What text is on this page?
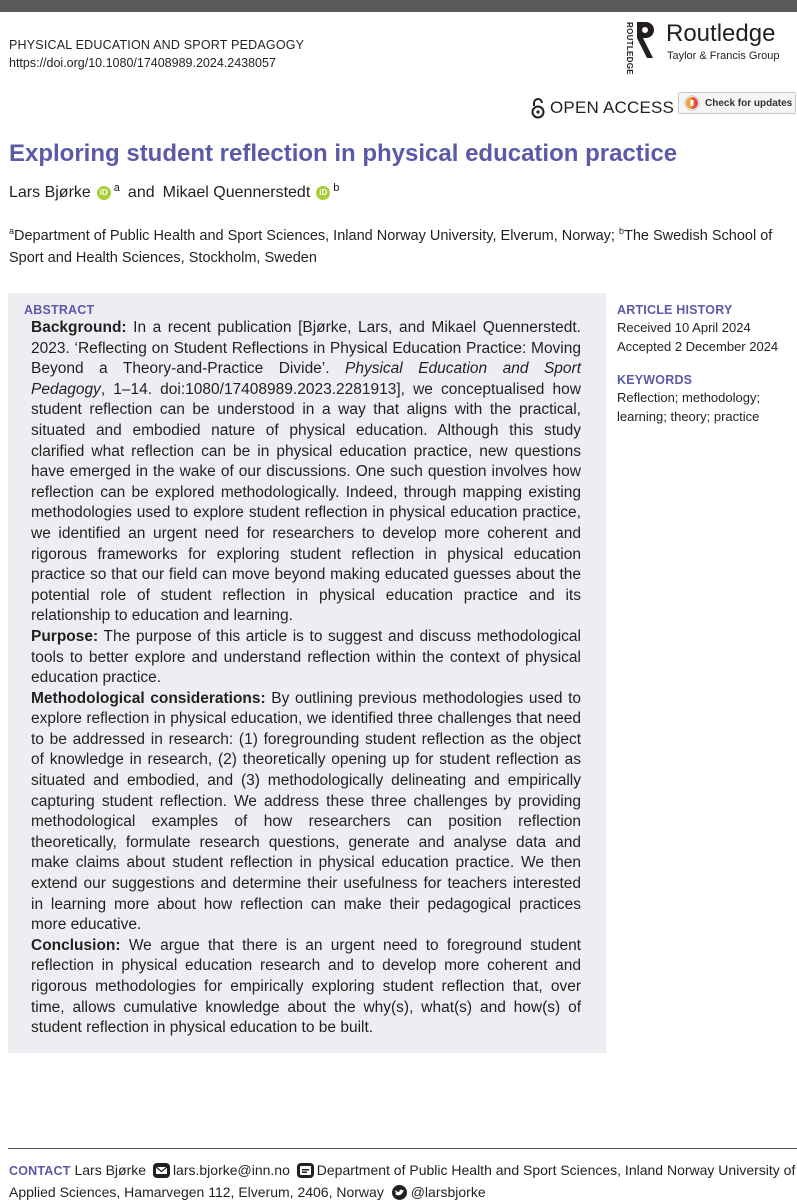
PHYSICAL EDUCATION AND SPORT PEDAGOGY
https://doi.org/10.1080/17408989.2024.2438057	ROUTLEDGE Routledge
Taylor & Francis Group
OPEN ACCESS	Check for updates
Exploring student reflection in physical education practice
Lars Bjørke	iD a and Mikael Quennerstedt	iD b
$^a$Department of Public Health and Sport Sciences, Inland Norway University, Elverum, Norway; $^b$The Swedish School of Sport and Health Sciences, Stockholm, Sweden
ABSTRACT

Background: In a recent publication [Bjørke, Lars, and Mikael Quennerstedt. 2023. ‘Reflecting on Student Reflections in Physical Education Practice: Moving Beyond a Theory-and-Practice Divide’. Physical Education and Sport Pedagogy, 1–14. doi:1080/17408989.2023.2281913], we conceptualised how student reflection can be understood in a way that aligns with the practical, situated and embodied nature of physical education. Although this study clarified what reflection can be in physical education practice, new questions have emerged in the wake of our discussions. One such question involves how reflection can be explored methodologically. Indeed, through mapping existing methodologies used to explore student reflection in physical education practice, we identified an urgent need for researchers to develop more coherent and rigorous frameworks for exploring student reflection in physical education practice so that our field can move beyond making educated guesses about the potential role of student reflection in physical education practice and its relationship to education and learning.

Purpose: The purpose of this article is to suggest and discuss methodological tools to better explore and understand reflection within the context of physical education practice.

Methodological considerations: By outlining previous methodologies used to explore reflection in physical education, we identified three challenges that need to be addressed in research: (1) foregrounding student reflection as the object of knowledge in research, (2) theoretically opening up for student reflection as situated and embodied, and (3) methodologically delineating and empirically capturing student reflection. We address these three challenges by providing methodological examples of how researchers can position reflection theoretically, formulate research questions, generate and analyse data and make claims about student reflection in physical education practice. We then extend our suggestions and determine their usefulness for teachers interested in learning more about how reflection can make their pedagogical practices more educative.

Conclusion: We argue that there is an urgent need to foreground student reflection in physical education research and to develop more coherent and rigorous methodologies for empirically exploring student reflection that, over time, allows cumulative knowledge about the why(s), what(s) and how(s) of student reflection in physical education to be built.

ARTICLE HISTORY
Received 10 April 2024
Accepted 2 December 2024
KEYWORDS
Reflection; methodology; learning; theory; practice
CONTACT Lars Bjørke lars.bjorke@inn.no Department of Public Health and Sport Sciences, Inland Norway University of Applied Sciences, Hamarvegen 112, Elverum, 2406, Norway @larsbjorke
